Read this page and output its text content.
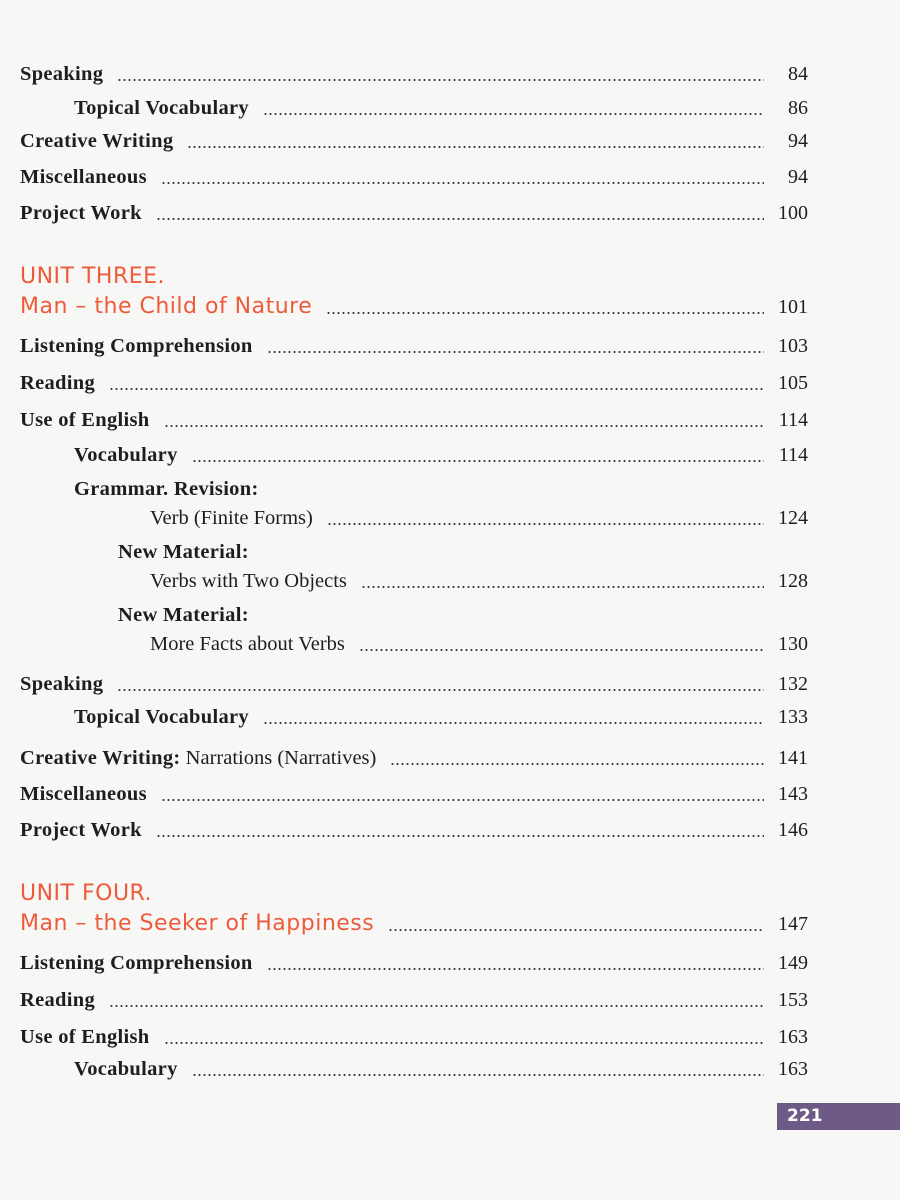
Speaking	84
Topical Vocabulary	86
Creative Writing	94
Miscellaneous	94
Project Work	100
UNIT THREE.
Man – the Child of Nature	101
Listening Comprehension	103
Reading	105
Use of English	114
Vocabulary	114
Grammar. Revision:
Verb (Finite Forms)	124
New Material:
Verbs with Two Objects	128
New Material:
More Facts about Verbs	130
Speaking	132
Topical Vocabulary	133
Creative Writing: Narrations (Narratives)	141
Miscellaneous	143
Project Work	146
UNIT FOUR.
Man – the Seeker of Happiness	147
Listening Comprehension	149
Reading	153
Use of English	163
Vocabulary	163
221
